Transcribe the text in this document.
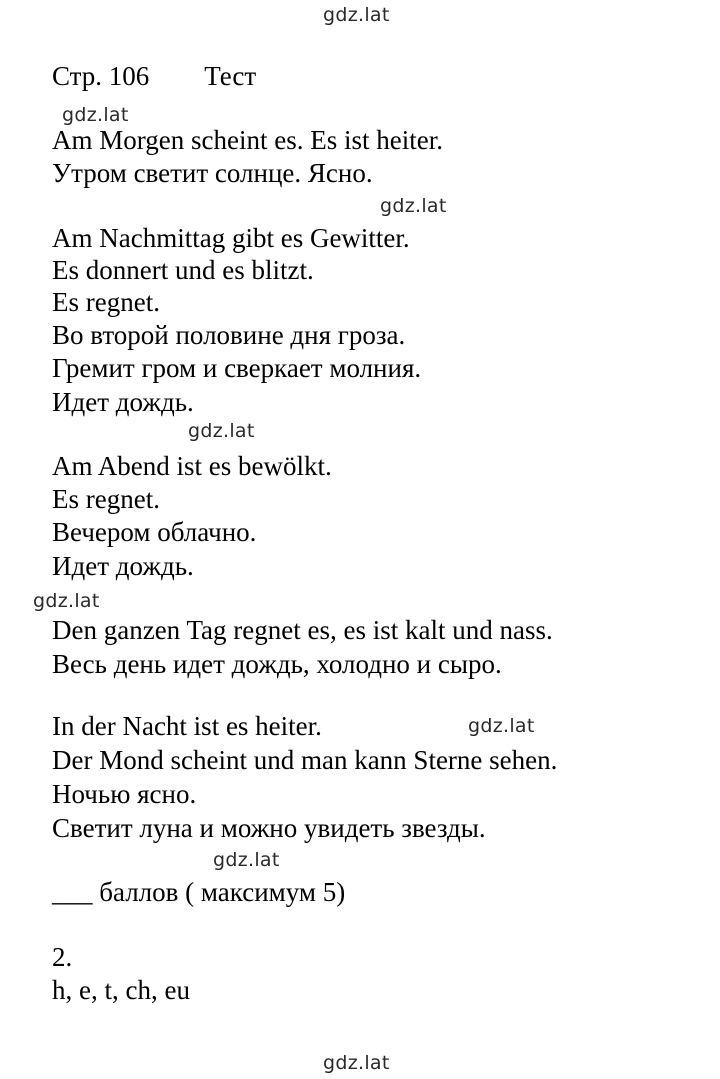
gdz.lat
gdz.lat
gdz.lat
gdz.lat
gdz.lat
gdz.lat
gdz.lat
gdz.lat
Стр. 106 Тест
Am Morgen scheint es. Es ist heiter.
Утром светит солнце. Ясно.
Am Nachmittag gibt es Gewitter.
Es donnert und es blitzt.
Es regnet.
Во второй половине дня гроза.
Гремит гром и сверкает молния.
Идет дождь.
Am Abend ist es bewölkt.
Es regnet.
Вечером облачно.
Идет дождь.
Den ganzen Tag regnet es, es ist kalt und nass.
Весь день идет дождь, холодно и сыро.
In der Nacht ist es heiter.
Der Mond scheint und man kann Sterne sehen.
Ночью ясно.
Светит луна и можно увидеть звезды.
___ баллов ( максимум 5)
2.
h, e, t, ch, eu
